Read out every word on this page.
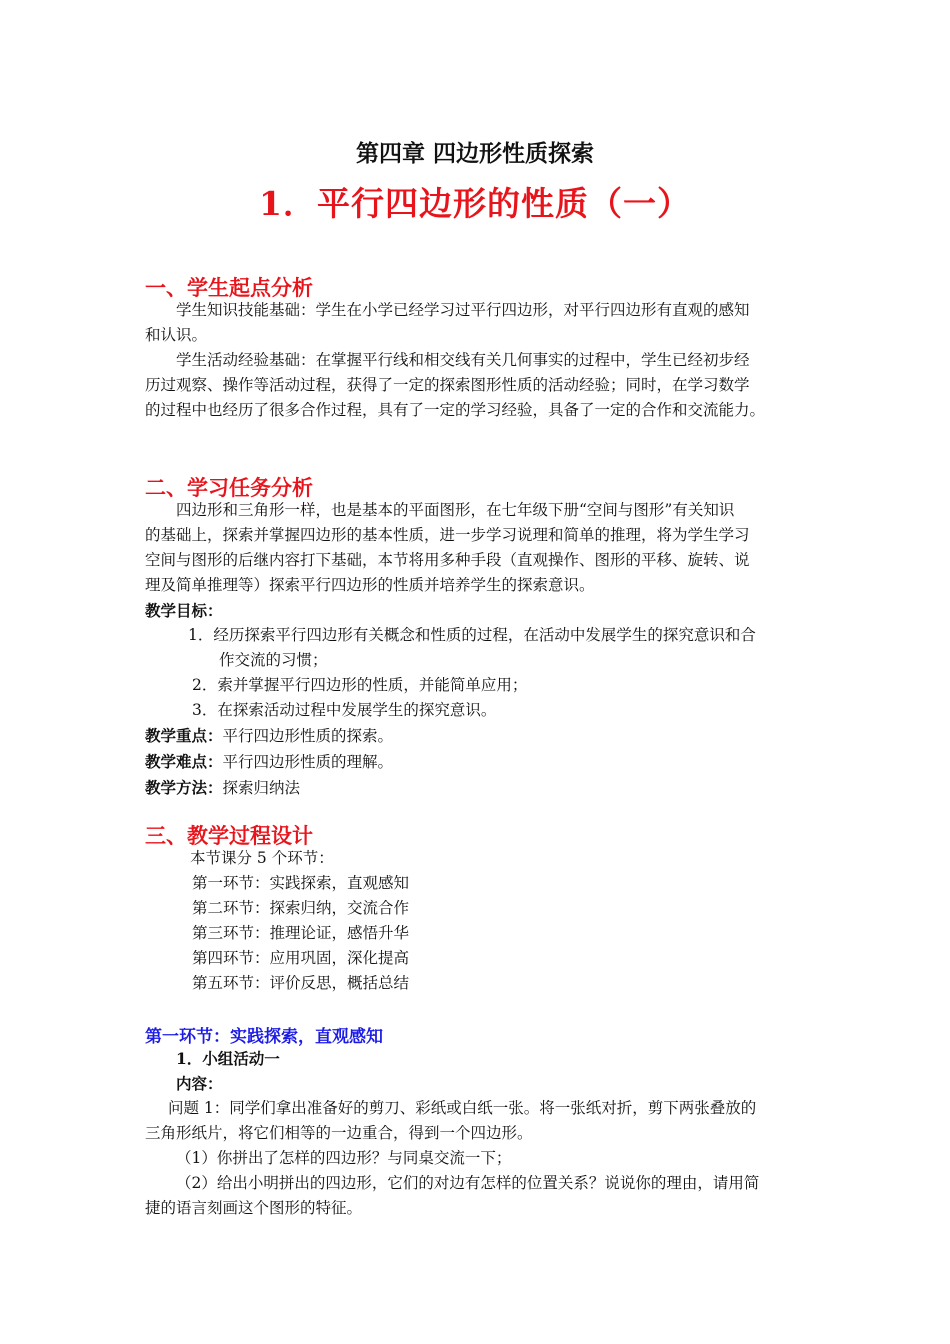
第四章 四边形性质探索
1．平行四边形的性质（一）
一、学生起点分析
学生知识技能基础：学生在小学已经学习过平行四边形，对平行四边形有直观的感知
和认识。
学生活动经验基础：在掌握平行线和相交线有关几何事实的过程中，学生已经初步经
历过观察、操作等活动过程，获得了一定的探索图形性质的活动经验；同时，在学习数学
的过程中也经历了很多合作过程，具有了一定的学习经验，具备了一定的合作和交流能力。
二、学习任务分析
四边形和三角形一样，也是基本的平面图形，在七年级下册“空间与图形”有关知识
的基础上，探索并掌握四边形的基本性质，进一步学习说理和简单的推理，将为学生学习
空间与图形的后继内容打下基础，本节将用多种手段（直观操作、图形的平移、旋转、说
理及简单推理等）探索平行四边形的性质并培养学生的探索意识。
教学目标：
1．经历探索平行四边形有关概念和性质的过程，在活动中发展学生的探究意识和合
作交流的习惯；
2．索并掌握平行四边形的性质，并能简单应用；
3．在探索活动过程中发展学生的探究意识。
教学重点：平行四边形性质的探索。
教学难点：平行四边形性质的理解。
教学方法：探索归纳法
三、教学过程设计
本节课分 5 个环节：
第一环节：实践探索，直观感知
第二环节：探索归纳，交流合作
第三环节：推理论证，感悟升华
第四环节：应用巩固，深化提高
第五环节：评价反思，概括总结
第一环节：实践探索，直观感知
1．小组活动一
内容：
问题 1：同学们拿出准备好的剪刀、彩纸或白纸一张。将一张纸对折，剪下两张叠放的
三角形纸片，将它们相等的一边重合，得到一个四边形。
（1）你拼出了怎样的四边形？与同桌交流一下；
（2）给出小明拼出的四边形，它们的对边有怎样的位置关系？说说你的理由，请用简
捷的语言刻画这个图形的特征。
